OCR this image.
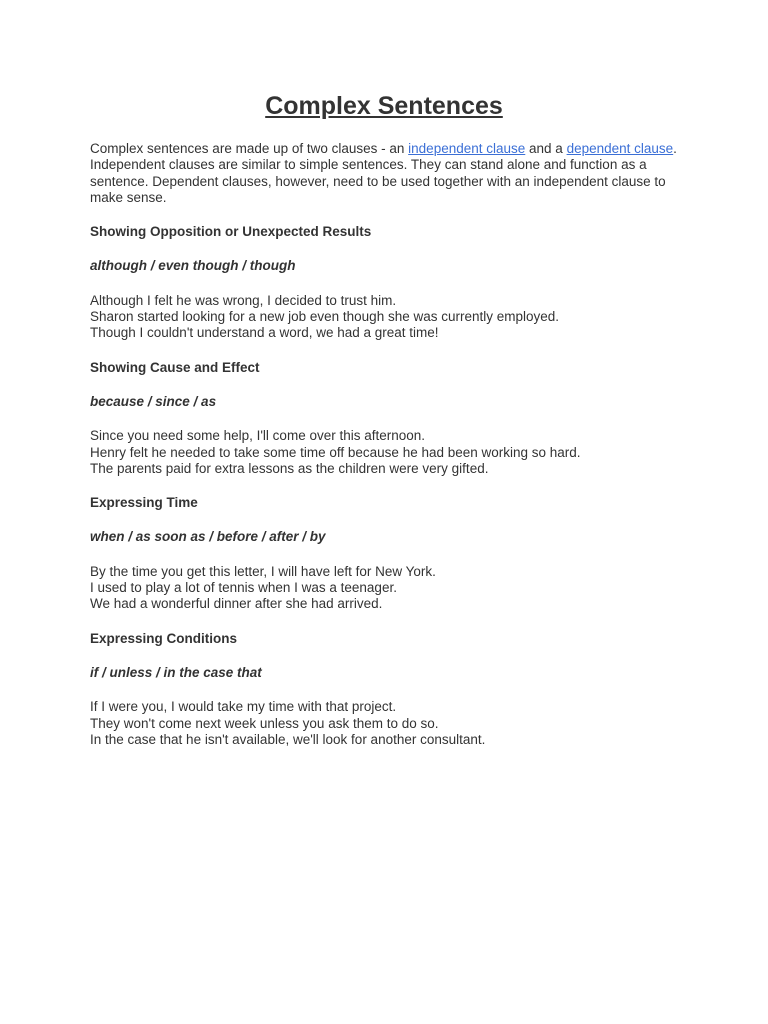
Complex Sentences

Complex sentences are made up of two clauses - an independent clause and a dependent clause. Independent clauses are similar to simple sentences. They can stand alone and function as a sentence. Dependent clauses, however, need to be used together with an independent clause to make sense.

Showing Opposition or Unexpected Results

although / even though / though

Although I felt he was wrong, I decided to trust him.
Sharon started looking for a new job even though she was currently employed.
Though I couldn't understand a word, we had a great time!

Showing Cause and Effect

because / since / as

Since you need some help, I'll come over this afternoon.
Henry felt he needed to take some time off because he had been working so hard.
The parents paid for extra lessons as the children were very gifted.

Expressing Time

when / as soon as / before / after / by

By the time you get this letter, I will have left for New York.
I used to play a lot of tennis when I was a teenager.
We had a wonderful dinner after she had arrived.

Expressing Conditions

if / unless / in the case that

If I were you, I would take my time with that project.
They won't come next week unless you ask them to do so.
In the case that he isn't available, we'll look for another consultant.
